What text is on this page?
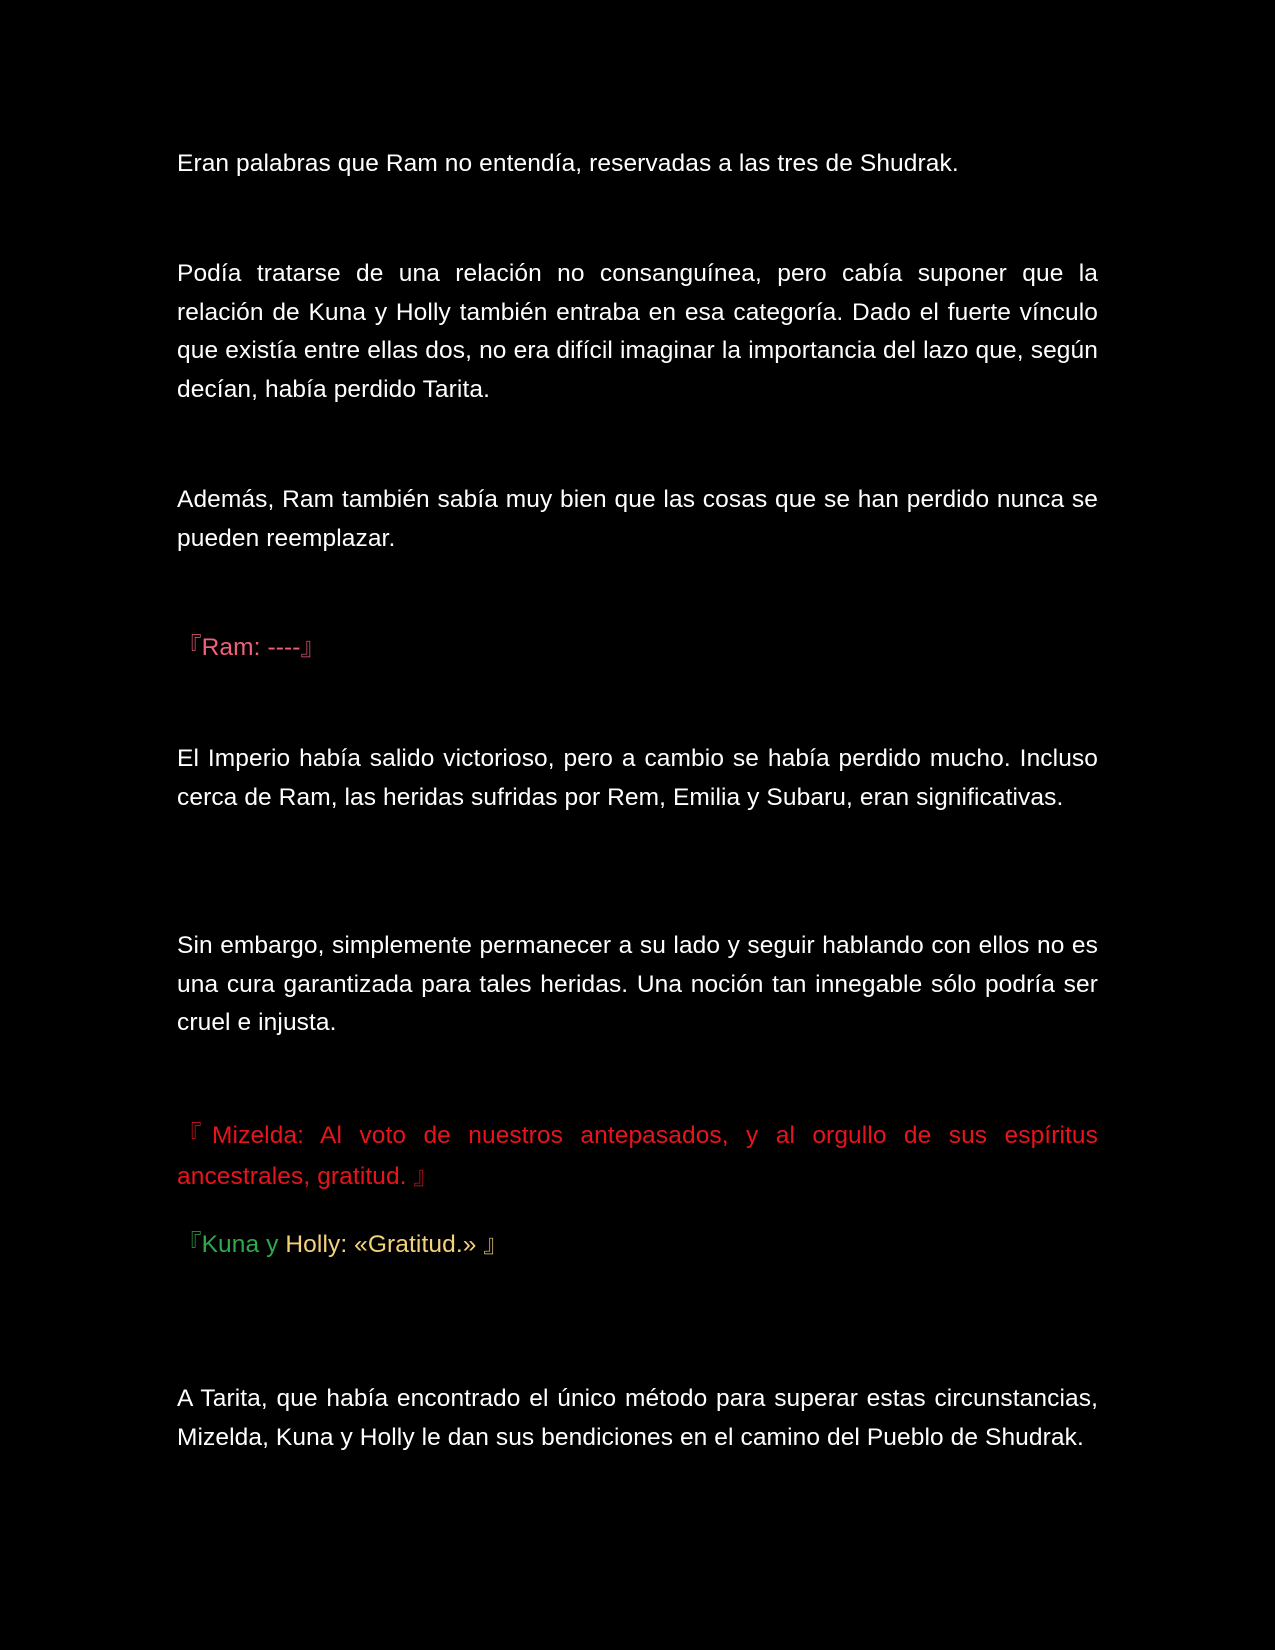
Eran palabras que Ram no entendía, reservadas a las tres de Shudrak.

Podía tratarse de una relación no consanguínea, pero cabía suponer que la relación de Kuna y Holly también entraba en esa categoría. Dado el fuerte vínculo que existía entre ellas dos, no era difícil imaginar la importancia del lazo que, según decían, había perdido Tarita.

Además, Ram también sabía muy bien que las cosas que se han perdido nunca se pueden reemplazar.

『Ram: ----』

El Imperio había salido victorioso, pero a cambio se había perdido mucho. Incluso cerca de Ram, las heridas sufridas por Rem, Emilia y Subaru, eran significativas.

Sin embargo, simplemente permanecer a su lado y seguir hablando con ellos no es una cura garantizada para tales heridas. Una noción tan innegable sólo podría ser cruel e injusta.

『Mizelda: Al voto de nuestros antepasados, y al orgullo de sus espíritus ancestrales, gratitud. 』

『Kuna y Holly: «Gratitud.» 』

A Tarita, que había encontrado el único método para superar estas circunstancias, Mizelda, Kuna y Holly le dan sus bendiciones en el camino del Pueblo de Shudrak.
